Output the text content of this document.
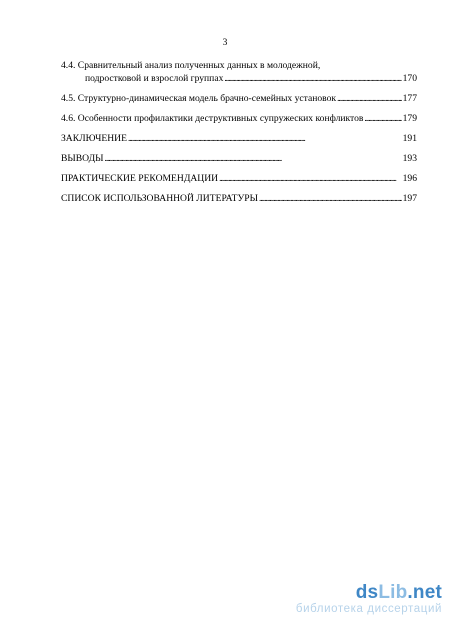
3
4.4. Сравнительный анализ полученных данных в молодежной,
подростковой и взрослой группах . . .	170
4.5. Структурно-динамическая модель брачно-семейных установок . . .	177
4.6. Особенности профилактики деструктивных супружеских конфликтов . . .	179
ЗАКЛЮЧЕНИЕ . . .	191
ВЫВОДЫ . . .	193
ПРАКТИЧЕСКИЕ РЕКОМЕНДАЦИИ . . .	196
СПИСОК ИСПОЛЬЗОВАННОЙ ЛИТЕРАТУРЫ . . .	197
dsLib.net
библиотека диссертаций
